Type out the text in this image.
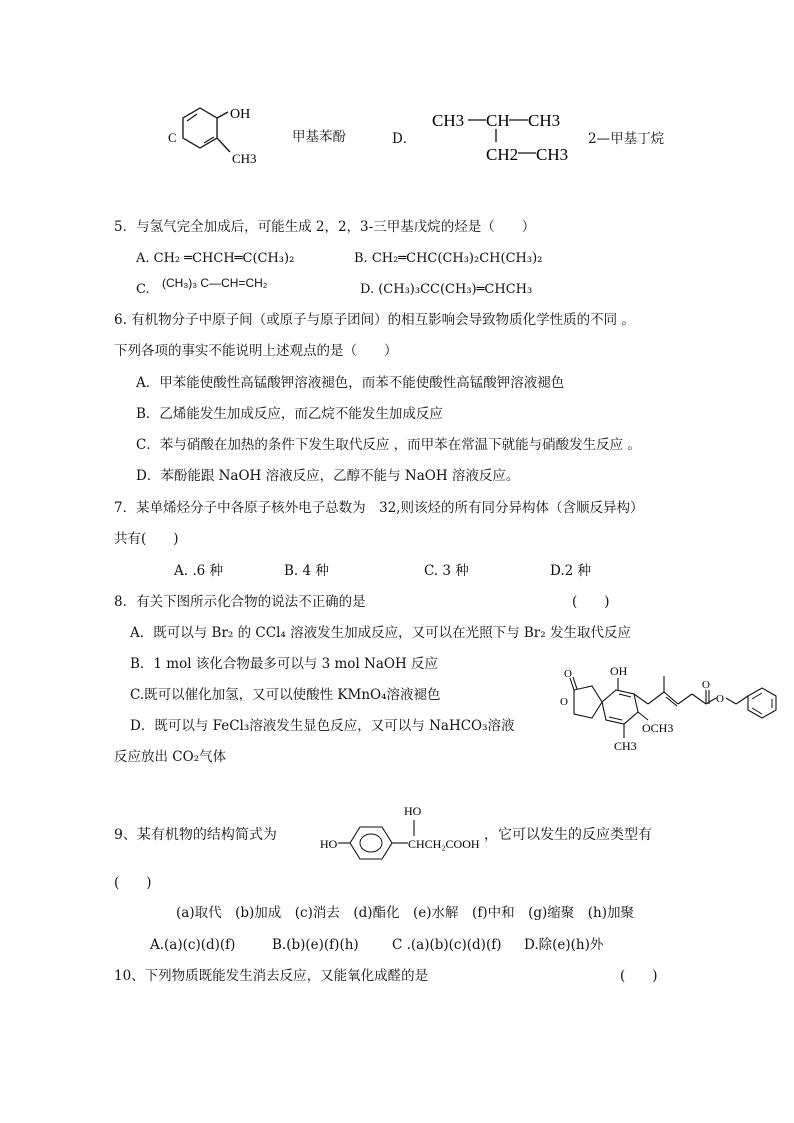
OH
C
CH3
甲基苯酚	D．
CH3 CH CH3
CH2 CH3
2—甲基丁烷
5．与氢气完全加成后，可能生成 2，2，3-三甲基戊烷的烃是（　　）
A. CH₂ ═CHCH═C(CH₃)₂	B. CH₂═CHC(CH₃)₂CH(CH₃)₂
C. (CH₃)₃ C—CH=CH₂	D. (CH₃)₃CC(CH₃)═CHCH₃
6. 有机物分子中原子间（或原子与原子团间）的相互影响会导致物质化学性质的不同 。
下列各项的事实不能说明上述观点的是（　　）
A．甲苯能使酸性高锰酸钾溶液褪色，而苯不能使酸性高锰酸钾溶液褪色
B．乙烯能发生加成反应，而乙烷不能发生加成反应
C．苯与硝酸在加热的条件下发生取代反应 ，而甲苯在常温下就能与硝酸发生反应 。
D．苯酚能跟 NaOH 溶液反应，乙醇不能与 NaOH 溶液反应。
7．某单烯烃分子中各原子核外电子总数为　32,则该烃的所有同分异构体（含顺反异构）
共有(　　)
A. .6 种	B. 4 种	C. 3 种	D.2 种
8．有关下图所示化合物的说法不正确的是	(　　)
A．既可以与 Br₂ 的 CCl₄ 溶液发生加成反应，又可以在光照下与 Br₂ 发生取代反应
B．1 mol 该化合物最多可以与 3 mol NaOH 反应
C.既可以催化加氢，又可以使酸性 KMnO₄溶液褪色
D．既可以与 FeCl₃溶液发生显色反应，又可以与 NaHCO₃溶液
反应放出 CO₂气体
O
O
OH
OCH3
CH3
O
O
9、某有机物的结构简式为
HO
HO
CHCH₂COOH
，它可以发生的反应类型有
(　　)
(a)取代　(b)加成　(c)消去　(d)酯化　(e)水解　(f)中和　(g)缩聚　(h)加聚
A.(a)(c)(d)(f)	B.(b)(e)(f)(h) C .(a)(b)(c)(d)(f) D.除(e)(h)外
10、下列物质既能发生消去反应，又能氧化成醛的是	(　　)
